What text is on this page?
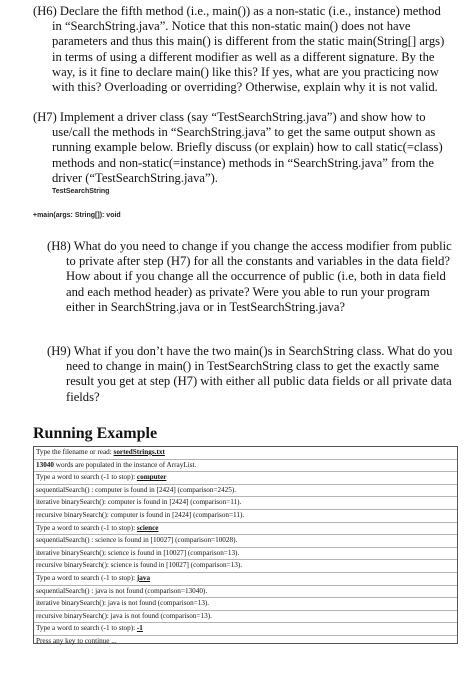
(H6) Declare the fifth method (i.e., main()) as a non-static (i.e., instance) method in “SearchString.java”. Notice that this non-static main() does not have parameters and thus this main() is different from the static main(String[] args) in terms of using a different modifier as well as a different signature. By the way, is it fine to declare main() like this? If yes, what are you practicing now with this? Overloading or overriding? Otherwise, explain why it is not valid.

(H7) Implement a driver class (say “TestSearchString.java”) and show how to use/call the methods in “SearchString.java” to get the same output shown as running example below. Briefly discuss (or explain) how to call static(=class) methods and non-static(=instance) methods in “SearchString.java” from the driver (“TestSearchString.java”).

TestSearchString
+main(args: String[]): void

(H8) What do you need to change if you change the access modifier from public to private after step (H7) for all the constants and variables in the data field? How about if you change all the occurrence of public (i.e, both in data field and each method header) as private? Were you able to run your program either in SearchString.java or in TestSearchString.java?

(H9) What if you don’t have the two main()s in SearchString class. What do you need to change in main() in TestSearchString class to get the exactly same result you get at step (H7) with either all public data fields or all private data fields?

Running Example
Type the filename or read: sortedStrings.txt
13040 words are populated in the instance of ArrayList.
Type a word to search (-1 to stop): computer
sequentialSearch() : computer is found in [2424] (comparison=2425).
iterative binarySearch(): computer is found in [2424] (comparison=11).
recursive binarySearch(): computer is found in [2424] (comparison=11).
Type a word to search (-1 to stop): science
sequentialSearch() : science is found in [10027] (comparison=10028).
iterative binarySearch(): science is found in [10027] (comparison=13).
recursive binarySearch(): science is found in [10027] (comparison=13).
Type a word to search (-1 to stop): java
sequentialSearch() : java is not found (comparison=13040).
iterative binarySearch(): java is not found (comparison=13).
recursive binarySearch(): java is not found (comparison=13).
Type a word to search (-1 to stop): -1
Press any key to continue ...
